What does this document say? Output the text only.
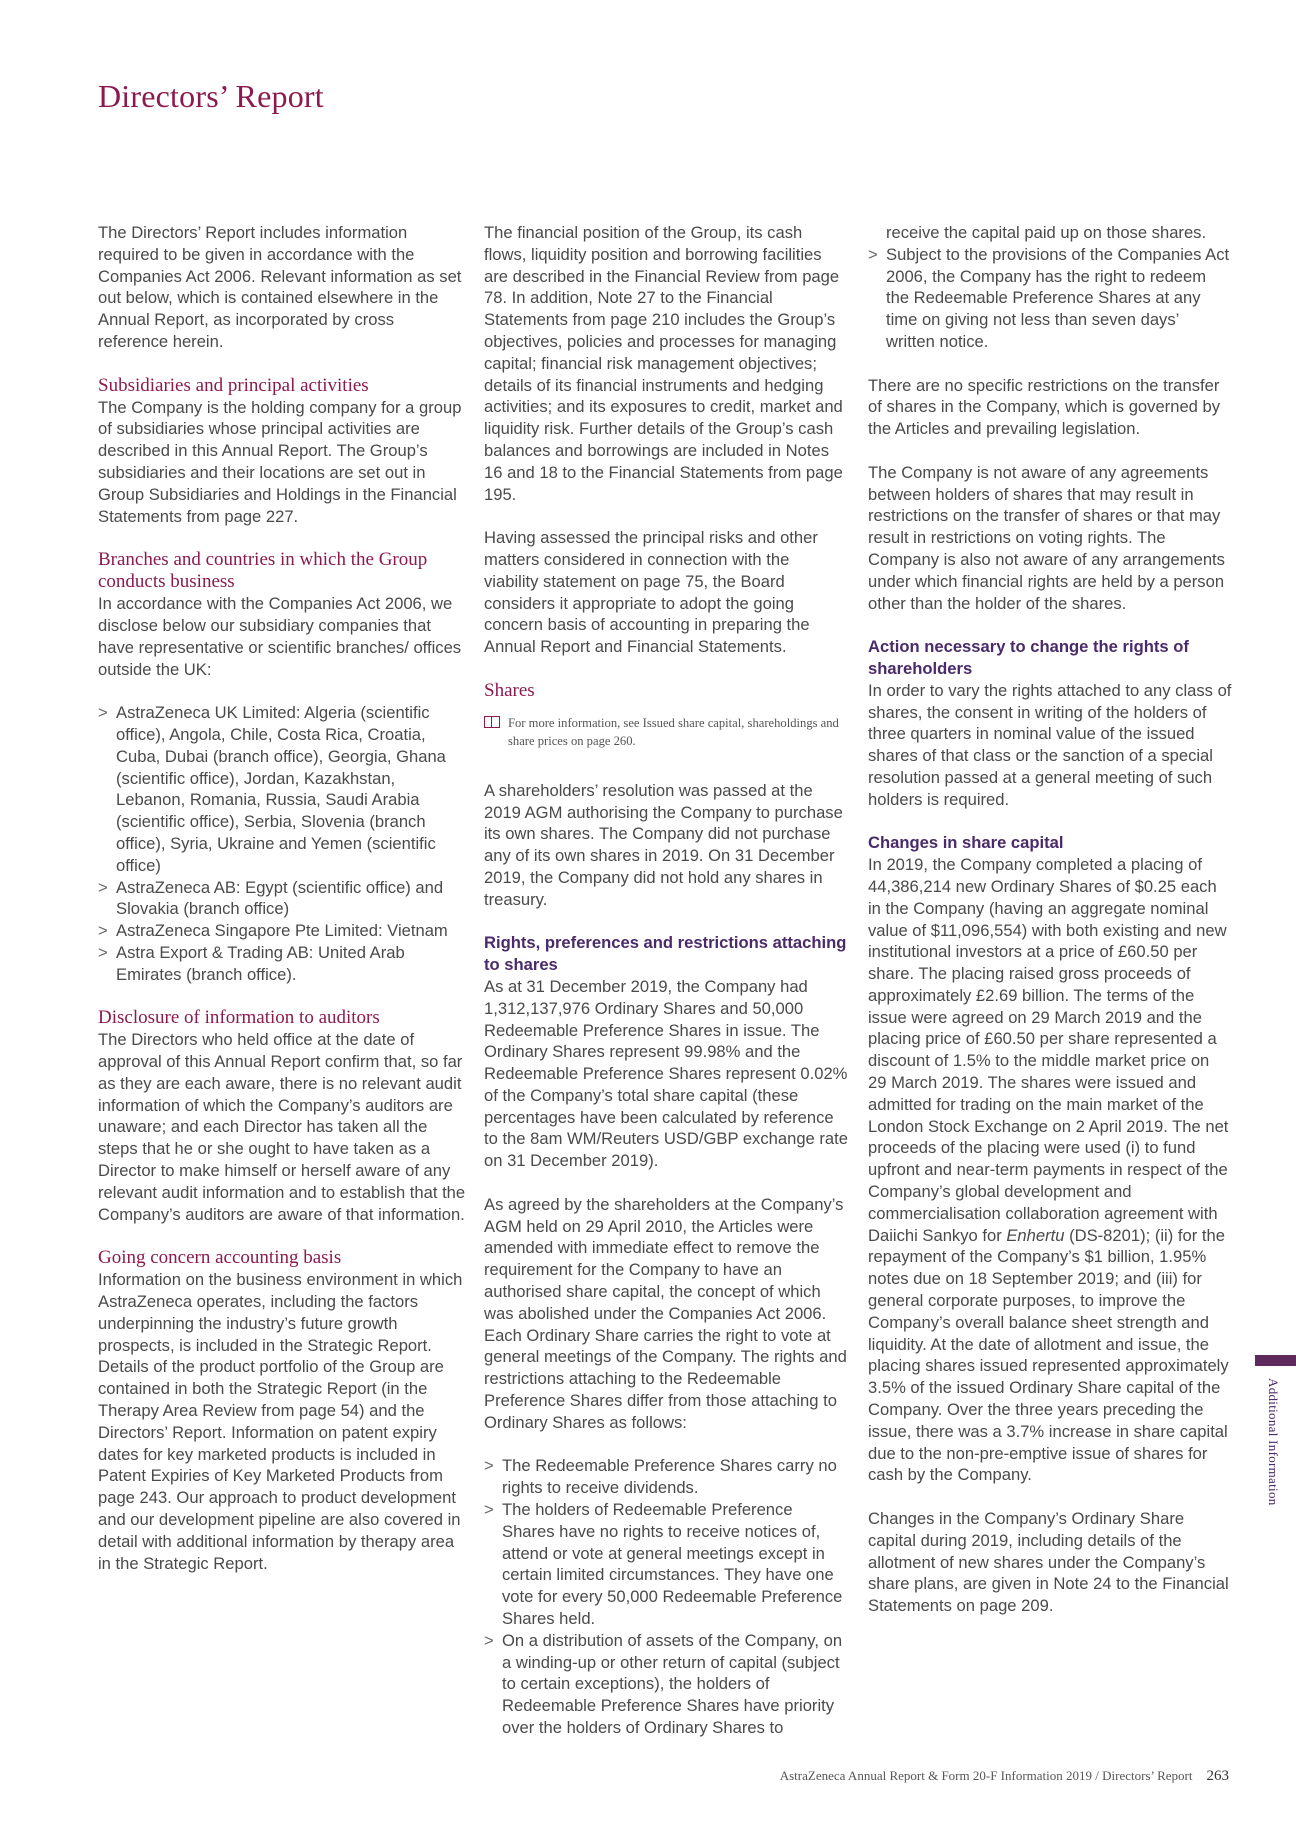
Directors’ Report

The Directors’ Report includes information required to be given in accordance with the Companies Act 2006. Relevant information as set out below, which is contained elsewhere in the Annual Report, as incorporated by cross reference herein.

Subsidiaries and principal activities

The Company is the holding company for a group of subsidiaries whose principal activities are described in this Annual Report. The Group’s subsidiaries and their locations are set out in Group Subsidiaries and Holdings in the Financial Statements from page 227.

Branches and countries in which the Group conducts business

In accordance with the Companies Act 2006, we disclose below our subsidiary companies that have representative or scientific branches/ offices outside the UK:

> AstraZeneca UK Limited: Algeria (scientific office), Angola, Chile, Costa Rica, Croatia, Cuba, Dubai (branch office), Georgia, Ghana (scientific office), Jordan, Kazakhstan, Lebanon, Romania, Russia, Saudi Arabia (scientific office), Serbia, Slovenia (branch office), Syria, Ukraine and Yemen (scientific office)
> AstraZeneca AB: Egypt (scientific office) and Slovakia (branch office)
> AstraZeneca Singapore Pte Limited: Vietnam
> Astra Export & Trading AB: United Arab Emirates (branch office).
Disclosure of information to auditors

The Directors who held office at the date of approval of this Annual Report confirm that, so far as they are each aware, there is no relevant audit information of which the Company’s auditors are unaware; and each Director has taken all the steps that he or she ought to have taken as a Director to make himself or herself aware of any relevant audit information and to establish that the Company’s auditors are aware of that information.

Going concern accounting basis

Information on the business environment in which AstraZeneca operates, including the factors underpinning the industry’s future growth prospects, is included in the Strategic Report. Details of the product portfolio of the Group are contained in both the Strategic Report (in the Therapy Area Review from page 54) and the Directors’ Report. Information on patent expiry dates for key marketed products is included in Patent Expiries of Key Marketed Products from page 243. Our approach to product development and our development pipeline are also covered in detail with additional information by therapy area in the Strategic Report.

The financial position of the Group, its cash flows, liquidity position and borrowing facilities are described in the Financial Review from page 78. In addition, Note 27 to the Financial Statements from page 210 includes the Group’s objectives, policies and processes for managing capital; financial risk management objectives; details of its financial instruments and hedging activities; and its exposures to credit, market and liquidity risk. Further details of the Group’s cash balances and borrowings are included in Notes 16 and 18 to the Financial Statements from page 195.

Having assessed the principal risks and other matters considered in connection with the viability statement on page 75, the Board considers it appropriate to adopt the going concern basis of accounting in preparing the Annual Report and Financial Statements.

Shares
For more information, see Issued share capital, shareholdings and share prices on page 260.

A shareholders’ resolution was passed at the 2019 AGM authorising the Company to purchase its own shares. The Company did not purchase any of its own shares in 2019. On 31 December 2019, the Company did not hold any shares in treasury.

Rights, preferences and restrictions attaching to shares

As at 31 December 2019, the Company had 1,312,137,976 Ordinary Shares and 50,000 Redeemable Preference Shares in issue. The Ordinary Shares represent 99.98% and the Redeemable Preference Shares represent 0.02% of the Company’s total share capital (these percentages have been calculated by reference to the 8am WM/Reuters USD/GBP exchange rate on 31 December 2019).

As agreed by the shareholders at the Company’s AGM held on 29 April 2010, the Articles were amended with immediate effect to remove the requirement for the Company to have an authorised share capital, the concept of which was abolished under the Companies Act 2006. Each Ordinary Share carries the right to vote at general meetings of the Company. The rights and restrictions attaching to the Redeemable Preference Shares differ from those attaching to Ordinary Shares as follows:

> The Redeemable Preference Shares carry no rights to receive dividends.
> The holders of Redeemable Preference Shares have no rights to receive notices of, attend or vote at general meetings except in certain limited circumstances. They have one vote for every 50,000 Redeemable Preference Shares held.
> On a distribution of assets of the Company, on a winding-up or other return of capital (subject to certain exceptions), the holders of Redeemable Preference Shares have priority over the holders of Ordinary Shares to
receive the capital paid up on those shares.
> Subject to the provisions of the Companies Act 2006, the Company has the right to redeem the Redeemable Preference Shares at any time on giving not less than seven days’ written notice.

There are no specific restrictions on the transfer of shares in the Company, which is governed by the Articles and prevailing legislation.

The Company is not aware of any agreements between holders of shares that may result in restrictions on the transfer of shares or that may result in restrictions on voting rights. The Company is also not aware of any arrangements under which financial rights are held by a person other than the holder of the shares.

Action necessary to change the rights of shareholders

In order to vary the rights attached to any class of shares, the consent in writing of the holders of three quarters in nominal value of the issued shares of that class or the sanction of a special resolution passed at a general meeting of such holders is required.

Changes in share capital

In 2019, the Company completed a placing of 44,386,214 new Ordinary Shares of $0.25 each in the Company (having an aggregate nominal value of $11,096,554) with both existing and new institutional investors at a price of £60.50 per share. The placing raised gross proceeds of approximately £2.69 billion. The terms of the issue were agreed on 29 March 2019 and the placing price of £60.50 per share represented a discount of 1.5% to the middle market price on 29 March 2019. The shares were issued and admitted for trading on the main market of the London Stock Exchange on 2 April 2019. The net proceeds of the placing were used (i) to fund upfront and near-term payments in respect of the Company’s global development and commercialisation collaboration agreement with Daiichi Sankyo for Enhertu (DS-8201); (ii) for the repayment of the Company’s $1 billion, 1.95% notes due on 18 September 2019; and (iii) for general corporate purposes, to improve the Company’s overall balance sheet strength and liquidity. At the date of allotment and issue, the placing shares issued represented approximately 3.5% of the issued Ordinary Share capital of the Company. Over the three years preceding the issue, there was a 3.7% increase in share capital due to the non-pre-emptive issue of shares for cash by the Company.

Changes in the Company’s Ordinary Share capital during 2019, including details of the allotment of new shares under the Company’s share plans, are given in Note 24 to the Financial Statements on page 209.

Additional Information
AstraZeneca Annual Report & Form 20-F Information 2019 / Directors’ Report 263
